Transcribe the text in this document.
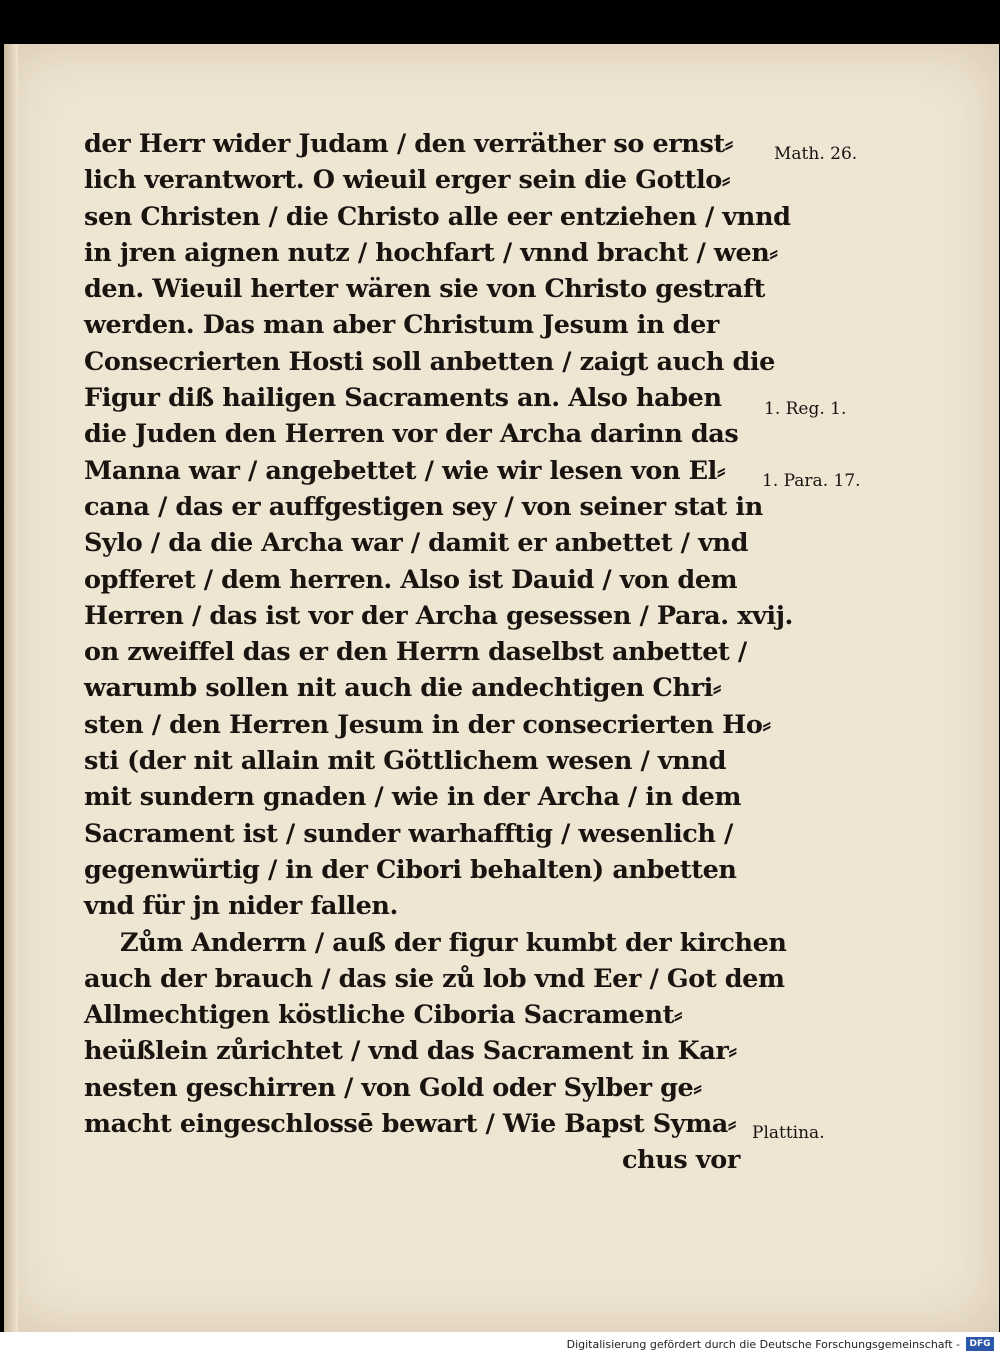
der Herr wider Judam / den verräther so ernst⸗
lich verantwort. O wieuil erger sein die Gottlo⸗
sen Christen / die Christo alle eer entziehen / vnnd
in jren aignen nutz / hochfart / vnnd bracht / wen⸗
den. Wieuil herter wären sie von Christo gestraft
werden. Das man aber Christum Jesum in der
Consecrierten Hosti soll anbetten / zaigt auch die
Figur diß hailigen Sacraments an. Also haben
die Juden den Herren vor der Archa darinn das
Manna war / angebettet / wie wir lesen von El⸗
cana / das er auffgestigen sey / von seiner stat in
Sylo / da die Archa war / damit er anbettet / vnd
opfferet / dem herren. Also ist Dauid / von dem
Herren / das ist vor der Archa gesessen / Para. xvij.
on zweiffel das er den Herrn daselbst anbettet /
warumb sollen nit auch die andechtigen Chri⸗
sten / den Herren Jesum in der consecrierten Ho⸗
sti (der nit allain mit Göttlichem wesen / vnnd
mit sundern gnaden / wie in der Archa / in dem
Sacrament ist / sunder warhafftig / wesenlich /
gegenwürtig / in der Cibori behalten) anbetten
vnd für jn nider fallen.
Zům Anderrn / auß der figur kumbt der kirchen
auch der brauch / das sie zů lob vnd Eer / Got dem
Allmechtigen köstliche Ciboria Sacrament⸗
heüßlein zůrichtet / vnd das Sacrament in Kar⸗
nesten geschirren / von Gold oder Sylber ge⸗
macht eingeschlossē bewart / Wie Bapst Syma⸗
chus vor
Math. 26.
1. Reg. 1.
1. Para. 17.
Plattina.
Digitalisierung gefördert durch die Deutsche Forschungsgemeinschaft -	DFG
